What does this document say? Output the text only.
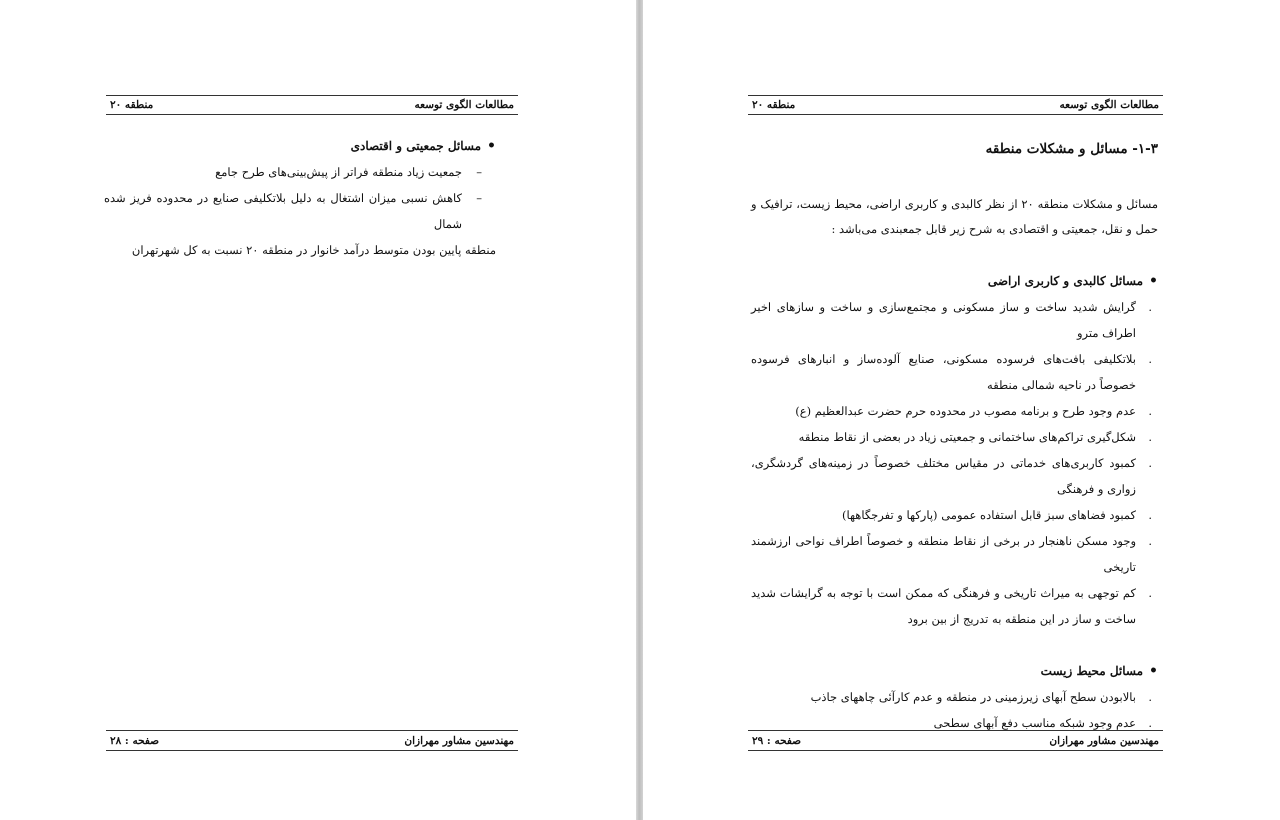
مطالعات الگوی توسعه
منطقه ۲۰
•
مسائل جمعیتی و اقتصادی
–
جمعیت زیاد منطقه فراتر از پیش‌بینی‌های طرح جامع
–
کاهش نسبی میزان اشتغال به دلیل بلاتکلیفی صنایع در محدوده فریز شده شمال
منطقه پایین بودن متوسط درآمد خانوار در منطقه ۲۰ نسبت به کل شهرتهران
مهندسین مشاور مهرازان
صفحه : ۲۸
مطالعات الگوی توسعه
منطقه ۲۰
۱-۳- مسائل و مشکلات منطقه

مسائل و مشکلات منطقه ۲۰ از نظر کالبدی و کاربری اراضی، محیط زیست، ترافیک و حمل و نقل، جمعیتی و اقتصادی به شرح زیر قابل جمعبندی می‌باشد :

•
مسائل کالبدی و کاربری اراضی
.
گرایش شدید ساخت و ساز مسکونی و مجتمع‌سازی و ساخت و سازهای اخیر اطراف مترو
.
بلاتکلیفی بافت‌های فرسوده مسکونی، صنایع آلوده‌ساز و انبارهای فرسوده خصوصاً در ناحیه شمالی منطقه
.
عدم وجود طرح و برنامه مصوب در محدوده حرم حضرت عبدالعظیم (ع)
.
شکل‌گیری تراکم‌های ساختمانی و جمعیتی زیاد در بعضی از نقاط منطقه
.
کمبود کاربری‌های خدماتی در مقیاس مختلف خصوصاً در زمینه‌های گردشگری، زواری و فرهنگی
.
کمبود فضاهای سبز قابل استفاده عمومی (پارکها و تفرجگاهها)
.
وجود مسکن ناهنجار در برخی از نقاط منطقه و خصوصاً اطراف نواحی ارزشمند تاریخی
.
کم توجهی به میراث تاریخی و فرهنگی که ممکن است با توجه به گرایشات شدید ساخت و ساز در این منطقه به تدریج از بین برود
•
مسائل محیط زیست
.
بالابودن سطح آبهای زیرزمینی در منطقه و عدم کارآئی چاههای جاذب
.
عدم وجود شبکه مناسب دفع آبهای سطحی
مهندسین مشاور مهرازان
صفحه : ۲۹
